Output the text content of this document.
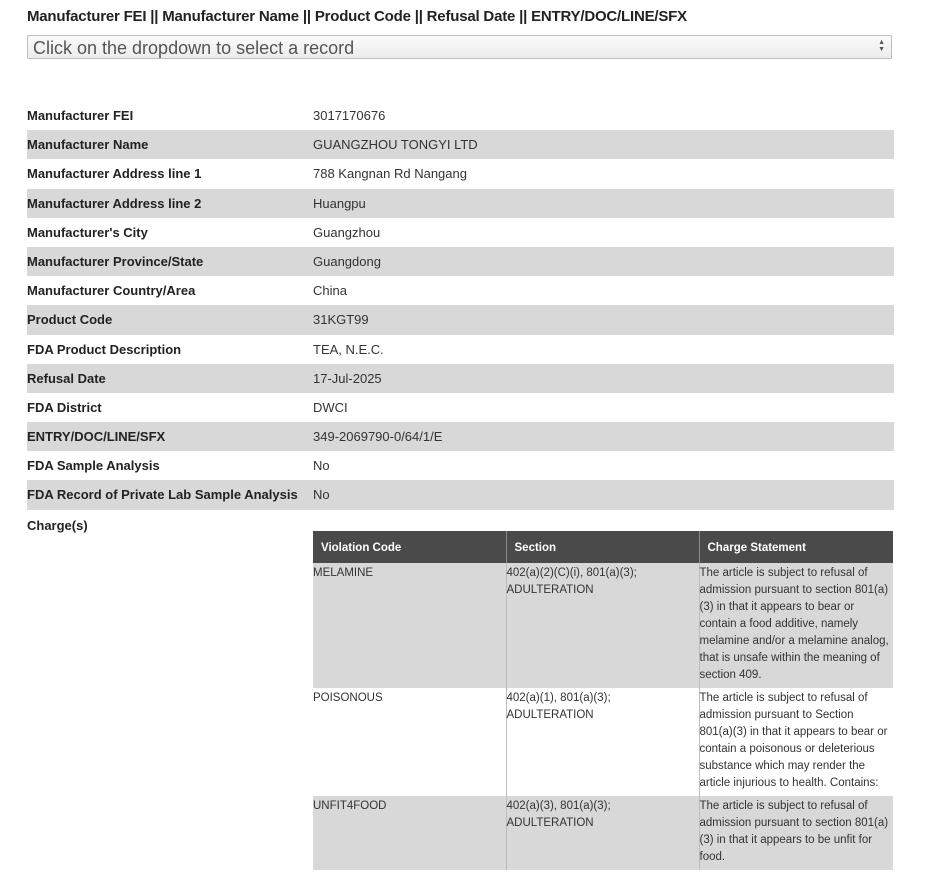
Manufacturer FEI || Manufacturer Name || Product Code || Refusal Date || ENTRY/DOC/LINE/SFX
Click on the dropdown to select a record	▲
▼
Manufacturer FEI	3017170676
Manufacturer Name	GUANGZHOU TONGYI LTD
Manufacturer Address line 1	788 Kangnan Rd Nangang
Manufacturer Address line 2	Huangpu
Manufacturer's City	Guangzhou
Manufacturer Province/State	Guangdong
Manufacturer Country/Area	China
Product Code	31KGT99
FDA Product Description	TEA, N.E.C.
Refusal Date	17-Jul-2025
FDA District	DWCI
ENTRY/DOC/LINE/SFX	349-2069790-0/64/1/E
FDA Sample Analysis	No
FDA Record of Private Lab Sample Analysis No
Charge(s)
Violation Code	Section	Charge Statement
MELAMINE	402(a)(2)(C)(i), 801(a)(3); ADULTERATION	The article is subject to refusal of admission pursuant to section 801(a)(3) in that it appears to bear or contain a food additive, namely melamine and/or a melamine analog, that is unsafe within the meaning of section 409.
POISONOUS	402(a)(1), 801(a)(3); ADULTERATION	The article is subject to refusal of admission pursuant to Section 801(a)(3) in that it appears to bear or contain a poisonous or deleterious substance which may render the article injurious to health. Contains:
UNFIT4FOOD	402(a)(3), 801(a)(3); ADULTERATION	The article is subject to refusal of admission pursuant to section 801(a)(3) in that it appears to be unfit for food.
